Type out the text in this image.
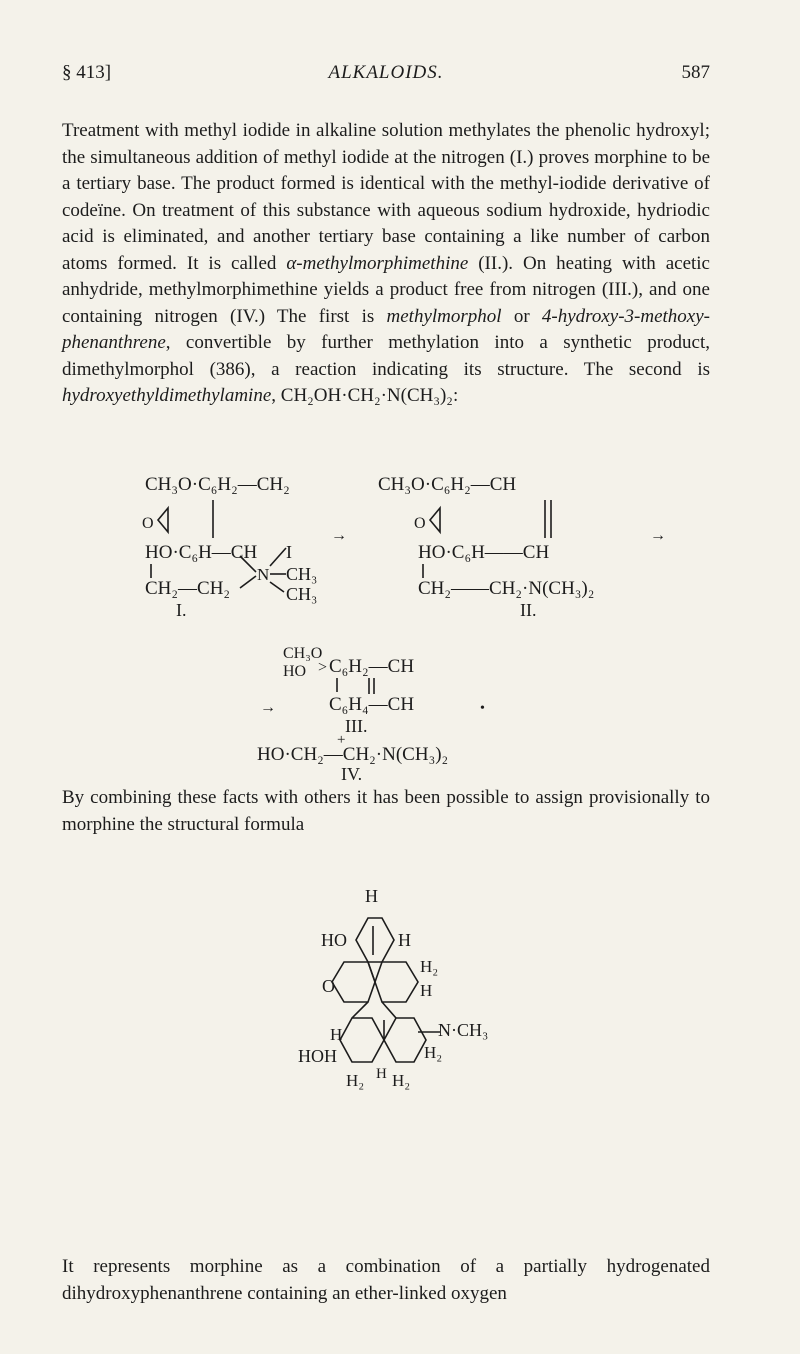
§ 413]	ALKALOIDS.	587

Treatment with methyl iodide in alkaline solution methylates the phenolic hydroxyl; the simultaneous addition of methyl iodide at the nitrogen (I.) proves morphine to be a tertiary base. The product formed is identical with the methyl-iodide derivative of codeïne. On treatment of this substance with aqueous sodium hydroxide, hydriodic acid is eliminated, and another tertiary base containing a like number of carbon atoms formed. It is called α-methylmorphimethine (II.). On heating with acetic anhydride, methylmorphimethine yields a product free from nitrogen (III.), and one containing nitrogen (IV.) The first is methylmorphol or 4-hydroxy-3-methoxy-phenanthrene, convertible by further methylation into a synthetic product, dimethylmorphol (386), a reaction indicating its structure. The second is hydroxyethyldimethylamine, CH₂OH·CH₂·N(CH₃)₂:

CH₃O·C₆H₂—CH₂
O
HO·C₆H—CH
CH₂—CH₂
N
I
CH₃
CH₃
I.
→
CH₃O·C₆H₂—CH
O
HO·C₆H——CH
CH₂——CH₂·N(CH₃)₂
II.
→
CH₃O
HO > C₆H₂—CH
→	C₆H₄—CH	•
III.
+
HO·CH₂—CH₂·N(CH₃)₂
IV.

By combining these facts with others it has been possible to assign provisionally to morphine the structural formula

H
HO	H
H₂
O	H
N·CH₃
H
H₂
HOH
H₂ H H₂

It represents morphine as a combination of a partially hydrogenated dihydroxyphenanthrene containing an ether-linked oxygen
